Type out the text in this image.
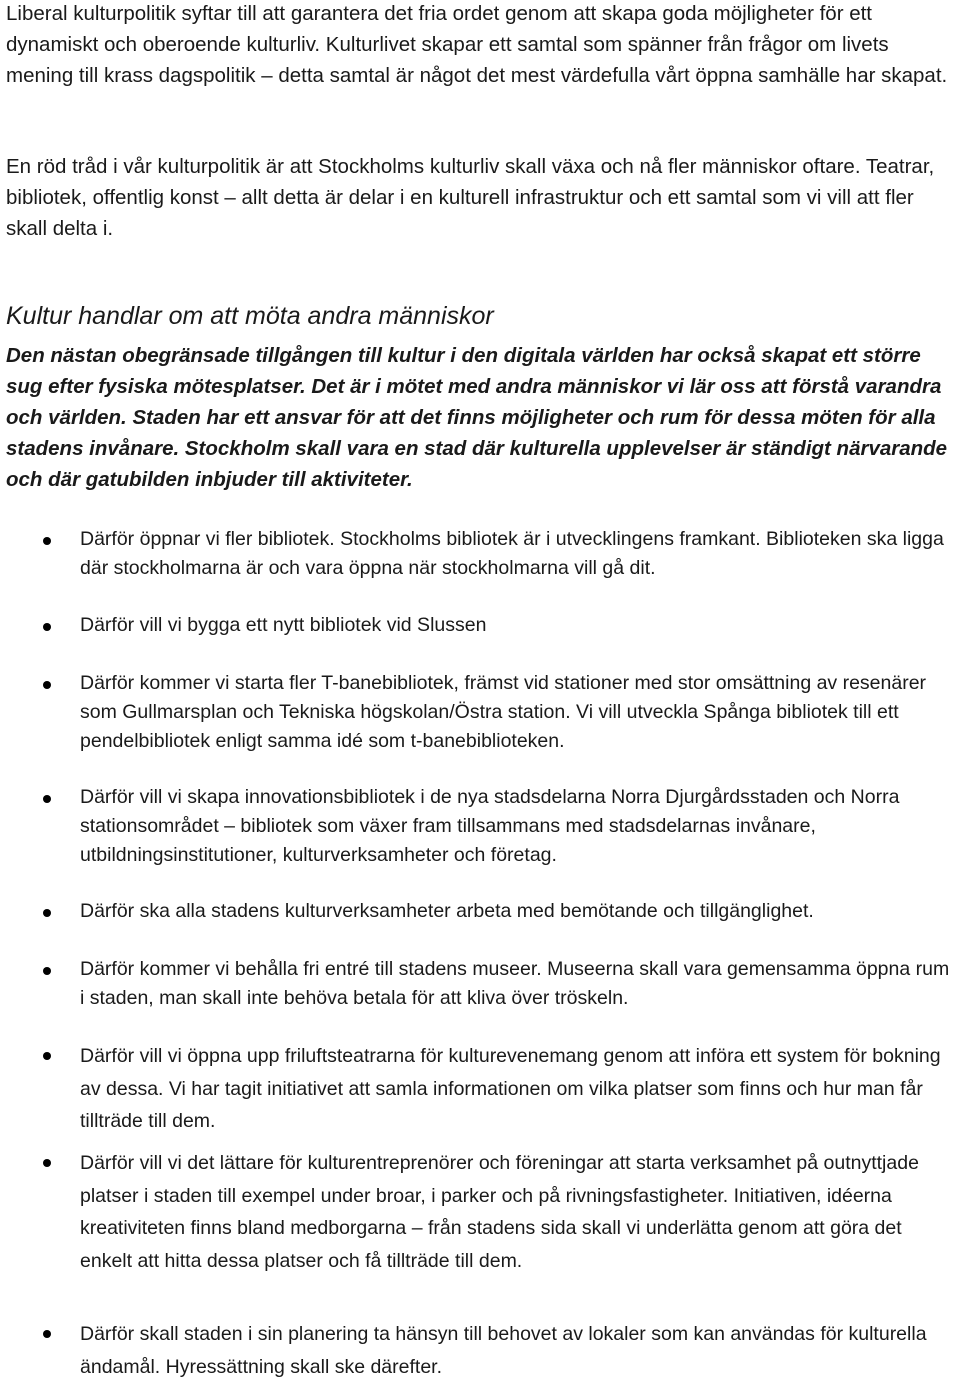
Liberal kulturpolitik syftar till att garantera det fria ordet genom att skapa goda möjligheter för ett dynamiskt och oberoende kulturliv. Kulturlivet skapar ett samtal som spänner från frågor om livets mening till krass dagspolitik – detta samtal är något det mest värdefulla vårt öppna samhälle har skapat.

En röd tråd i vår kulturpolitik är att Stockholms kulturliv skall växa och nå fler människor oftare. Teatrar, bibliotek, offentlig konst – allt detta är delar i en kulturell infrastruktur och ett samtal som vi vill att fler skall delta i.

Kultur handlar om att möta andra människor

Den nästan obegränsade tillgången till kultur i den digitala världen har också skapat ett större sug efter fysiska mötesplatser. Det är i mötet med andra människor vi lär oss att förstå varandra och världen. Staden har ett ansvar för att det finns möjligheter och rum för dessa möten för alla stadens invånare. Stockholm skall vara en stad där kulturella upplevelser är ständigt närvarande och där gatubilden inbjuder till aktiviteter.

Därför öppnar vi fler bibliotek. Stockholms bibliotek är i utvecklingens framkant. Biblioteken ska ligga där stockholmarna är och vara öppna när stockholmarna vill gå dit.
Därför vill vi bygga ett nytt bibliotek vid Slussen
Därför kommer vi starta fler T-banebibliotek, främst vid stationer med stor omsättning av resenärer som Gullmarsplan och Tekniska högskolan/Östra station. Vi vill utveckla Spånga bibliotek till ett pendelbibliotek enligt samma idé som t-banebiblioteken.
Därför vill vi skapa innovationsbibliotek i de nya stadsdelarna Norra Djurgårdsstaden och Norra stationsområdet – bibliotek som växer fram tillsammans med stadsdelarnas invånare, utbildningsinstitutioner, kulturverksamheter och företag.
Därför ska alla stadens kulturverksamheter arbeta med bemötande och tillgänglighet.
Därför kommer vi behålla fri entré till stadens museer. Museerna skall vara gemensamma öppna rum i staden, man skall inte behöva betala för att kliva över tröskeln.
Därför vill vi öppna upp friluftsteatrarna för kulturevenemang genom att införa ett system för bokning av dessa. Vi har tagit initiativet att samla informationen om vilka platser som finns och hur man får tillträde till dem.
Därför vill vi det lättare för kulturentreprenörer och föreningar att starta verksamhet på outnyttjade platser i staden till exempel under broar, i parker och på rivningsfastigheter. Initiativen, idéerna kreativiteten finns bland medborgarna – från stadens sida skall vi underlätta genom att göra det enkelt att hitta dessa platser och få tillträde till dem.
Därför skall staden i sin planering ta hänsyn till behovet av lokaler som kan användas för kulturella ändamål. Hyressättning skall ske därefter.
